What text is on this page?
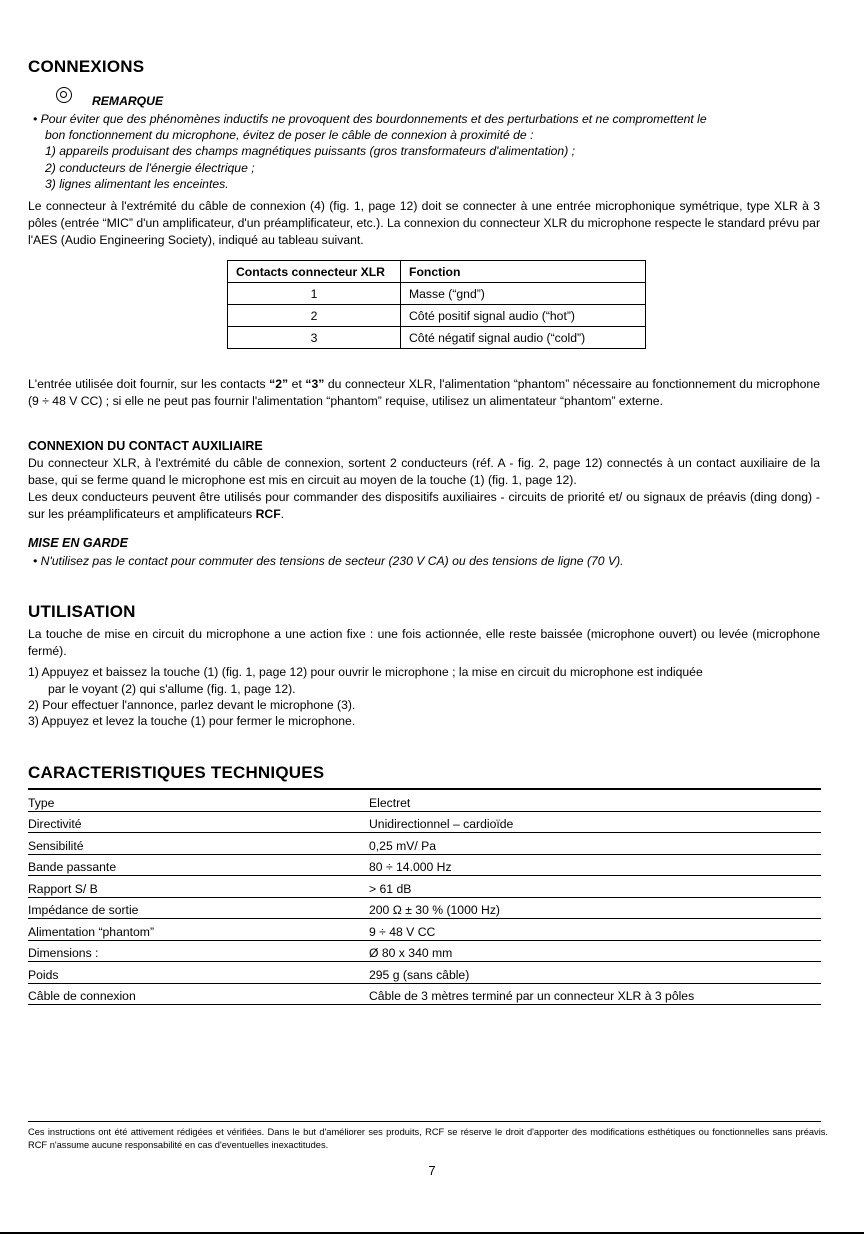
CONNEXIONS
REMARQUE
• Pour éviter que des phénomènes inductifs ne provoquent des bourdonnements et des perturbations et ne compromettent le
bon fonctionnement du microphone, évitez de poser le câble de connexion à proximité de :
1) appareils produisant des champs magnétiques puissants (gros transformateurs d'alimentation) ;
2) conducteurs de l'énergie électrique ;
3) lignes alimentant les enceintes.

Le connecteur à l'extrémité du câble de connexion (4) (fig. 1, page 12) doit se connecter à une entrée microphonique symétrique, type XLR à 3 pôles (entrée “MIC” d'un amplificateur, d'un préamplificateur, etc.). La connexion du connecteur XLR du microphone respecte le standard prévu par l'AES (Audio Engineering Society), indiqué au tableau suivant.

Contacts connecteur XLR	Fonction
1	Masse (“gnd”)
2	Côté positif signal audio (“hot”)
3	Côté négatif signal audio (“cold”)

L'entrée utilisée doit fournir, sur les contacts “2” et “3” du connecteur XLR, l'alimentation “phantom” nécessaire au fonctionnement du microphone (9 ÷ 48 V CC) ; si elle ne peut pas fournir l'alimentation “phantom” requise, utilisez un alimentateur “phantom” externe.

CONNEXION DU CONTACT AUXILIAIRE

Du connecteur XLR, à l'extrémité du câble de connexion, sortent 2 conducteurs (réf. A - fig. 2, page 12) connectés à un contact auxiliaire de la base, qui se ferme quand le microphone est mis en circuit au moyen de la touche (1) (fig. 1, page 12).

Les deux conducteurs peuvent être utilisés pour commander des dispositifs auxiliaires - circuits de priorité et/ ou signaux de préavis (ding dong) - sur les préamplificateurs et amplificateurs RCF.

MISE EN GARDE
• N'utilisez pas le contact pour commuter des tensions de secteur (230 V CA) ou des tensions de ligne (70 V).
UTILISATION

La touche de mise en circuit du microphone a une action fixe : une fois actionnée, elle reste baissée (microphone ouvert) ou levée (microphone fermé).

1) Appuyez et baissez la touche (1) (fig. 1, page 12) pour ouvrir le microphone ; la mise en circuit du microphone est indiquée

par le voyant (2) qui s'allume (fig. 1, page 12).
2) Pour effectuer l'annonce, parlez devant le microphone (3).
3) Appuyez et levez la touche (1) pour fermer le microphone.
CARACTERISTIQUES TECHNIQUES
Type	Electret
Directivité	Unidirectionnel – cardioïde
Sensibilité	0,25 mV/ Pa
Bande passante	80 ÷ 14.000 Hz
Rapport S/ B	> 61 dB
Impédance de sortie	200 Ω ± 30 % (1000 Hz)
Alimentation “phantom”	9 ÷ 48 V CC
Dimensions :	Ø 80 x 340 mm
Poids	295 g (sans câble)
Câble de connexion	Câble de 3 mètres terminé par un connecteur XLR à 3 pôles
Ces instructions ont été attivement rédigées et vérifiées. Dans le but d'améliorer ses produits, RCF se réserve le droit d'apporter des modifications esthétiques ou fonctionnelles sans préavis. RCF n'assume aucune responsabilité en cas d'eventuelles inexactitudes.
7
